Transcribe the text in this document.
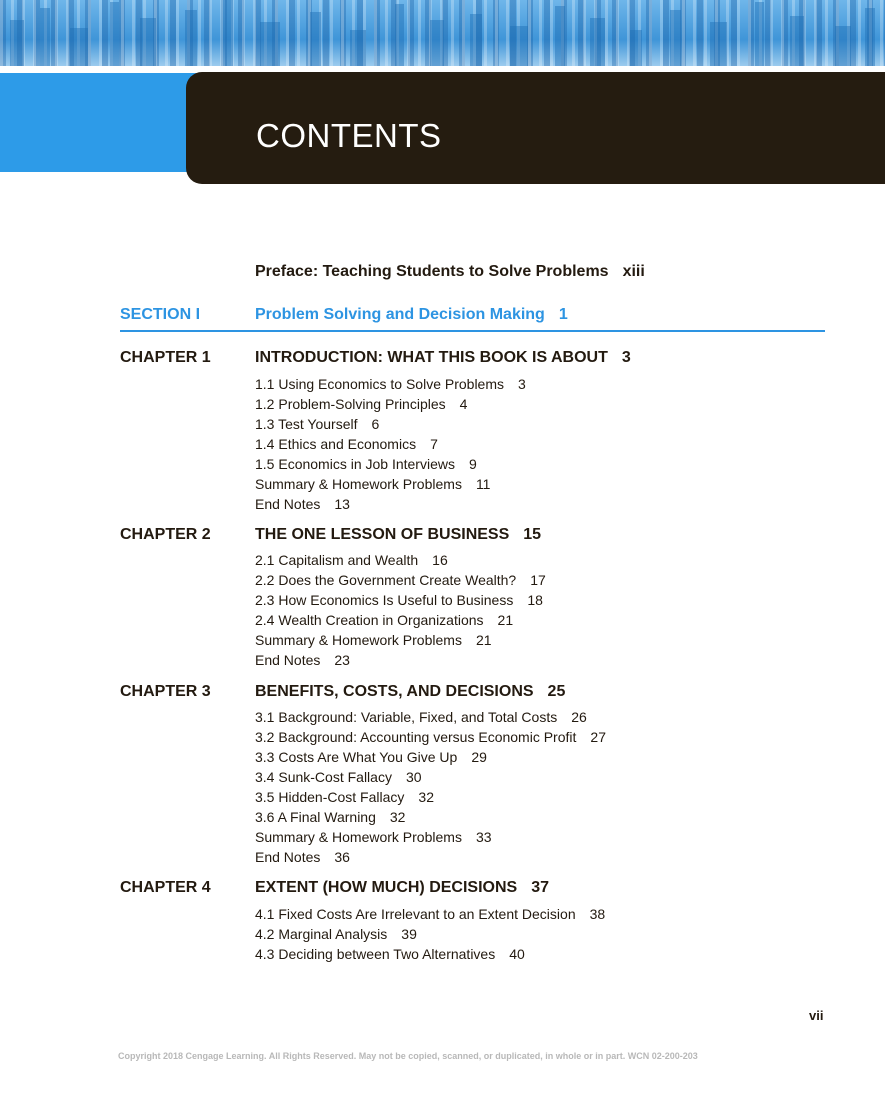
CONTENTS
Preface: Teaching Students to Solve Problems xiii
SECTION I	Problem Solving and Decision Making 1
CHAPTER 1	INTRODUCTION: WHAT THIS BOOK IS ABOUT 3
1.1 Using Economics to Solve Problems 3
1.2 Problem-Solving Principles 4
1.3 Test Yourself 6
1.4 Ethics and Economics 7
1.5 Economics in Job Interviews 9
Summary & Homework Problems 11
End Notes 13
CHAPTER 2	THE ONE LESSON OF BUSINESS 15
2.1 Capitalism and Wealth 16
2.2 Does the Government Create Wealth? 17
2.3 How Economics Is Useful to Business 18
2.4 Wealth Creation in Organizations 21
Summary & Homework Problems 21
End Notes 23
CHAPTER 3	BENEFITS, COSTS, AND DECISIONS 25
3.1 Background: Variable, Fixed, and Total Costs 26
3.2 Background: Accounting versus Economic Profit 27
3.3 Costs Are What You Give Up 29
3.4 Sunk-Cost Fallacy 30
3.5 Hidden-Cost Fallacy 32
3.6 A Final Warning 32
Summary & Homework Problems 33
End Notes 36
CHAPTER 4	EXTENT (HOW MUCH) DECISIONS 37
4.1 Fixed Costs Are Irrelevant to an Extent Decision 38
4.2 Marginal Analysis 39
4.3 Deciding between Two Alternatives 40
vii
Copyright 2018 Cengage Learning. All Rights Reserved. May not be copied, scanned, or duplicated, in whole or in part. WCN 02-200-203
